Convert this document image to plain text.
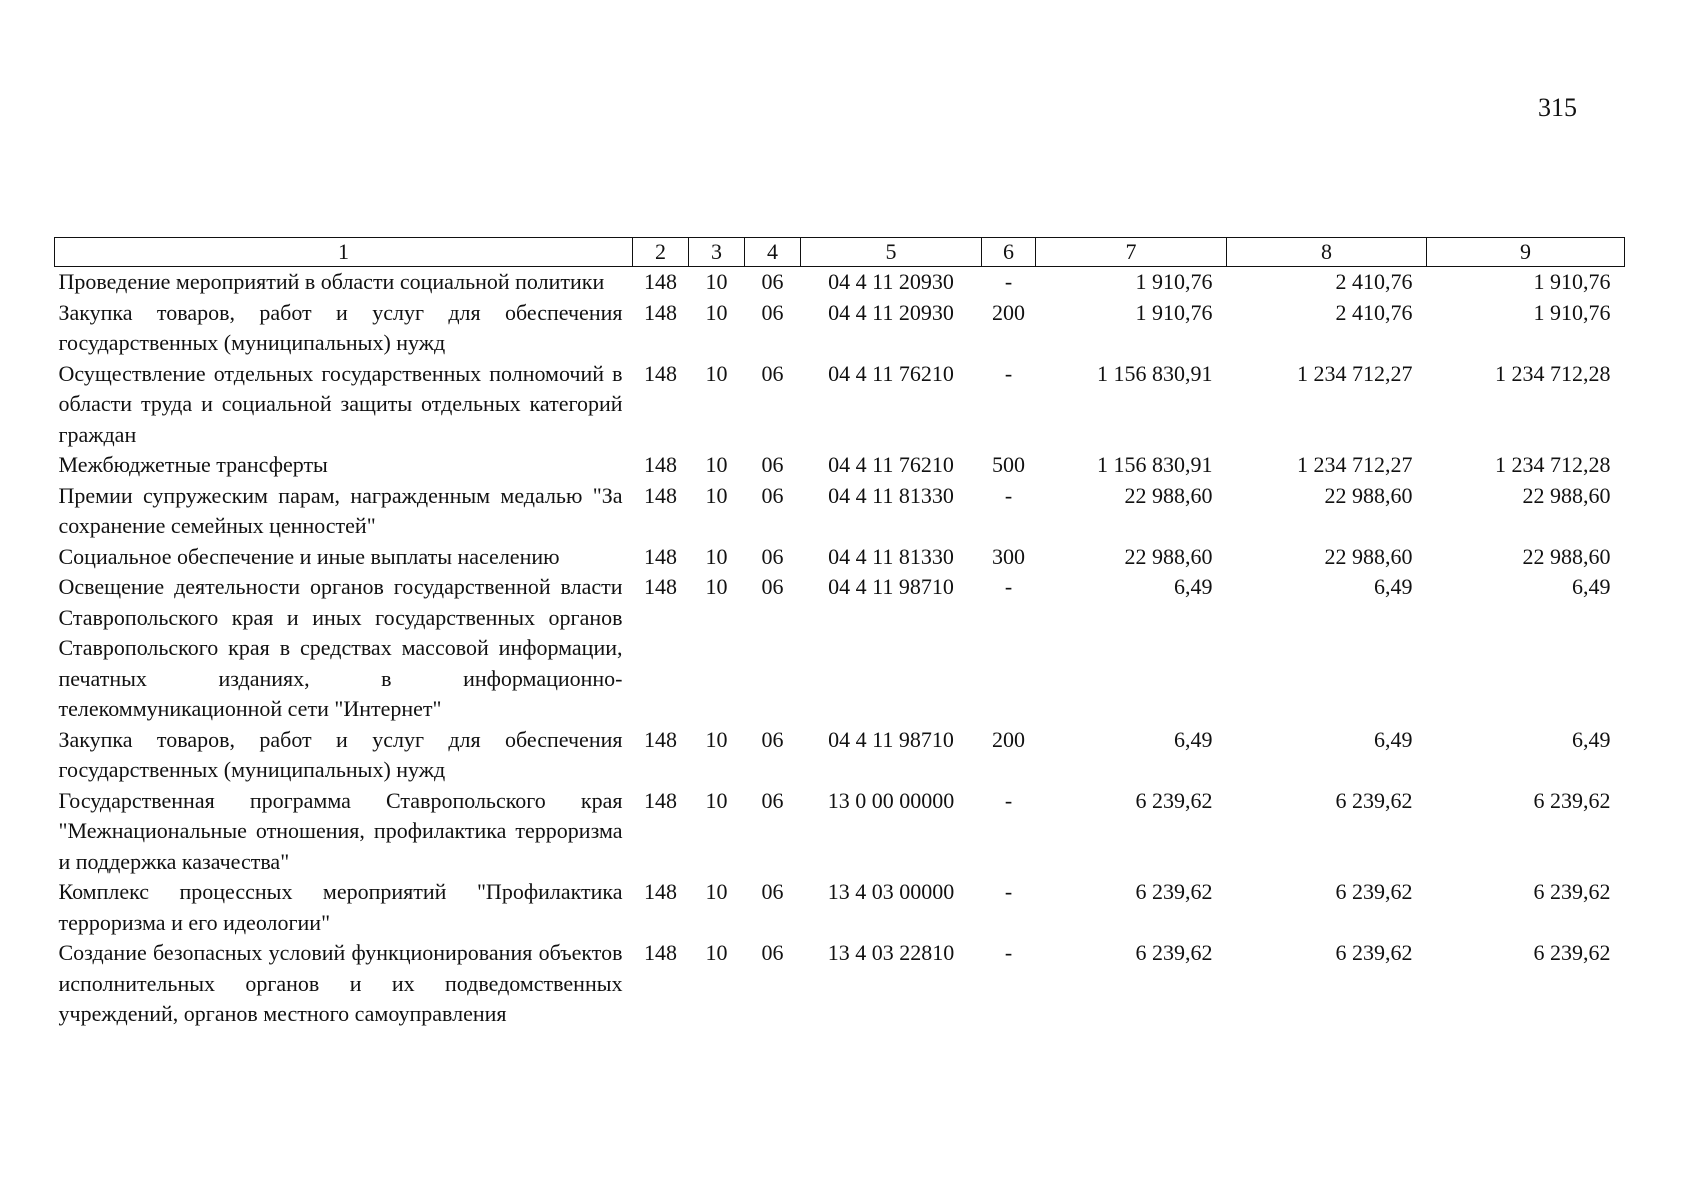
315
1	2	3	4	5	6	7	8	9
Проведение мероприятий в области социальной политики	148	10	06	04 4 11 20930	-	1 910,76	2 410,76	1 910,76
Закупка товаров, работ и услуг для обеспечения государственных (муниципальных) нужд	148	10	06	04 4 11 20930	200	1 910,76	2 410,76	1 910,76
Осуществление отдельных государственных полномочий в области труда и социальной защиты отдельных категорий граждан	148	10	06	04 4 11 76210	-	1 156 830,91	1 234 712,27	1 234 712,28
Межбюджетные трансферты	148	10	06	04 4 11 76210	500	1 156 830,91	1 234 712,27	1 234 712,28
Премии супружеским парам, награжденным медалью "За сохранение семейных ценностей"	148	10	06	04 4 11 81330	-	22 988,60	22 988,60	22 988,60
Социальное обеспечение и иные выплаты населению	148	10	06	04 4 11 81330	300	22 988,60	22 988,60	22 988,60
Освещение деятельности органов государственной власти Ставропольского края и иных государственных органов Ставропольского края в средствах массовой информации, печатных изданиях, в информационно-телекоммуникационной сети "Интернет"	148	10	06	04 4 11 98710	-	6,49	6,49	6,49
Закупка товаров, работ и услуг для обеспечения государственных (муниципальных) нужд	148	10	06	04 4 11 98710	200	6,49	6,49	6,49
Государственная программа Ставропольского края "Межнациональные отношения, профилактика терроризма и поддержка казачества"	148	10	06	13 0 00 00000	-	6 239,62	6 239,62	6 239,62
Комплекс процессных мероприятий "Профилактика терроризма и его идеологии"	148	10	06	13 4 03 00000	-	6 239,62	6 239,62	6 239,62
Создание безопасных условий функционирования объектов исполнительных органов и их подведомственных учреждений, органов местного самоуправления	148	10	06	13 4 03 22810	-	6 239,62	6 239,62	6 239,62
